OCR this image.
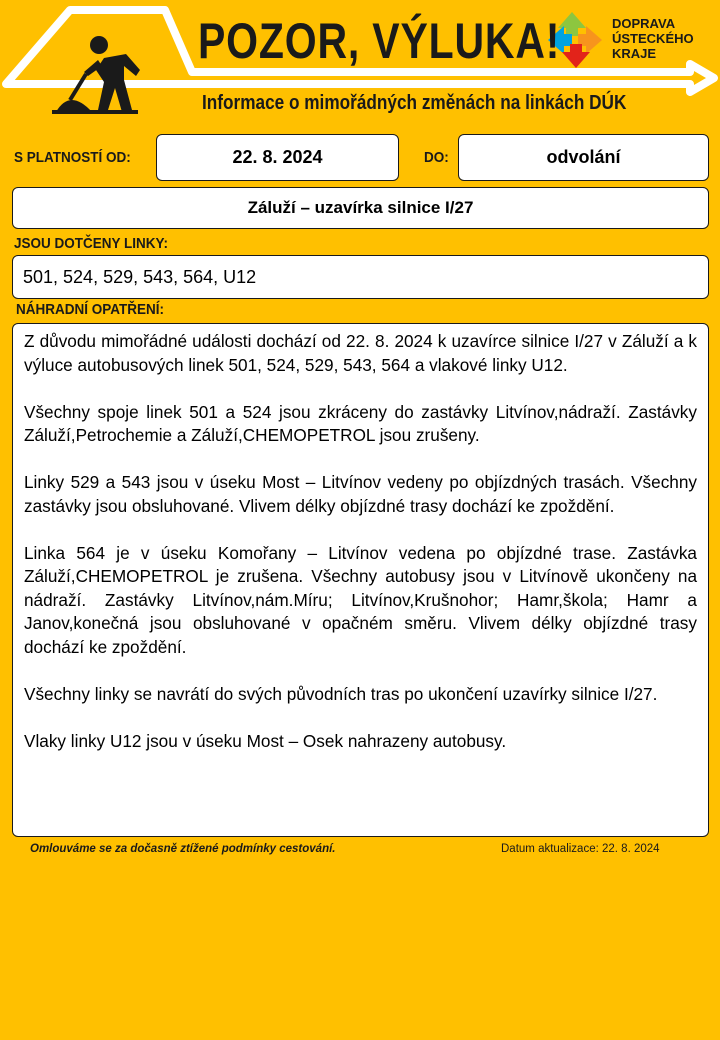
POZOR, VÝLUKA!
Informace o mimořádných změnách na linkách DÚK
DOPRAVA
ÚSTECKÉHO
KRAJE
S PLATNOSTÍ OD:	22. 8. 2024	DO:	odvolání
Záluží – uzavírka silnice I/27
JSOU DOTČENY LINKY:
501, 524, 529, 543, 564, U12
NÁHRADNÍ OPATŘENÍ:

Z důvodu mimořádné události dochází od 22. 8. 2024 k uzavírce silnice I/27 v Záluží a k výluce autobusových linek 501, 524, 529, 543, 564 a vlakové linky U12.

Všechny spoje linek 501 a 524 jsou zkráceny do zastávky Litvínov,nádraží. Zastávky Záluží,Petrochemie a Záluží,CHEMOPETROL jsou zrušeny.

Linky 529 a 543 jsou v úseku Most – Litvínov vedeny po objízdných trasách. Všechny zastávky jsou obsluhované. Vlivem délky objízdné trasy dochází ke zpoždění.

Linka 564 je v úseku Komořany – Litvínov vedena po objízdné trase. Zastávka Záluží,CHEMOPETROL je zrušena. Všechny autobusy jsou v Litvínově ukončeny na nádraží. Zastávky Litvínov,nám.Míru; Litvínov,Krušnohor; Hamr,škola; Hamr a Janov,konečná jsou obsluhované v opačném směru. Vlivem délky objízdné trasy dochází ke zpoždění.

Všechny linky se navrátí do svých původních tras po ukončení uzavírky silnice I/27.

Vlaky linky U12 jsou v úseku Most – Osek nahrazeny autobusy.

Omlouváme se za dočasně ztížené podmínky cestování.	Datum aktualizace: 22. 8. 2024
